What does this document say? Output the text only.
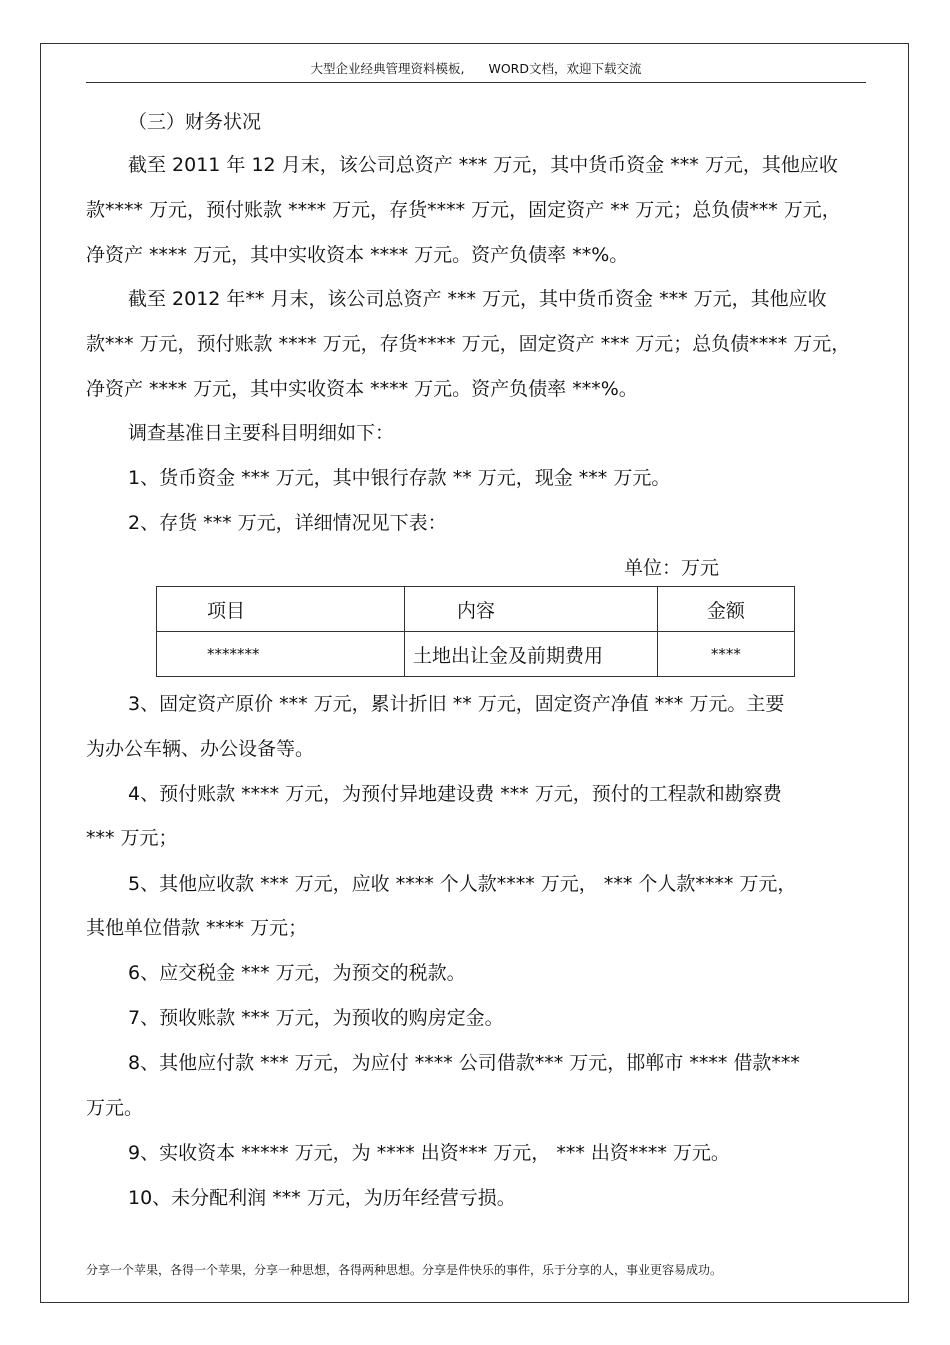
大型企业经典管理资料模板, WORD文档，欢迎下载交流
（三）财务状况
截至 2011 年 12 月末，该公司总资产 *** 万元，其中货币资金 *** 万元，其他应收
款**** 万元，预付账款 **** 万元，存货**** 万元，固定资产 ** 万元；总负债*** 万元，
净资产 **** 万元，其中实收资本 **** 万元。资产负债率 **%。
截至 2012 年** 月末，该公司总资产 *** 万元，其中货币资金 *** 万元，其他应收
款*** 万元，预付账款 **** 万元，存货**** 万元，固定资产 *** 万元；总负债**** 万元，
净资产 **** 万元，其中实收资本 **** 万元。资产负债率 ***%。
调查基准日主要科目明细如下：
1、货币资金 *** 万元，其中银行存款 ** 万元，现金 *** 万元。
2、存货 *** 万元，详细情况见下表：
单位：万元
项目	内容	金额
*******	土地出让金及前期费用	****
3、固定资产原价 *** 万元，累计折旧 ** 万元，固定资产净值 *** 万元。主要
为办公车辆、办公设备等。
4、预付账款 **** 万元，为预付异地建设费 *** 万元，预付的工程款和勘察费
*** 万元；
5、其他应收款 *** 万元，应收 **** 个人款**** 万元， *** 个人款**** 万元，
其他单位借款 **** 万元；
6、应交税金 *** 万元，为预交的税款。
7、预收账款 *** 万元，为预收的购房定金。
8、其他应付款 *** 万元，为应付 **** 公司借款*** 万元，邯郸市 **** 借款***
万元。
9、实收资本 ***** 万元，为 **** 出资*** 万元， *** 出资**** 万元。
10、未分配利润 *** 万元，为历年经营亏损。
分享一个苹果，各得一个苹果，分享一种思想，各得两种思想。分享是件快乐的事件，乐于分享的人，事业更容易成功。
